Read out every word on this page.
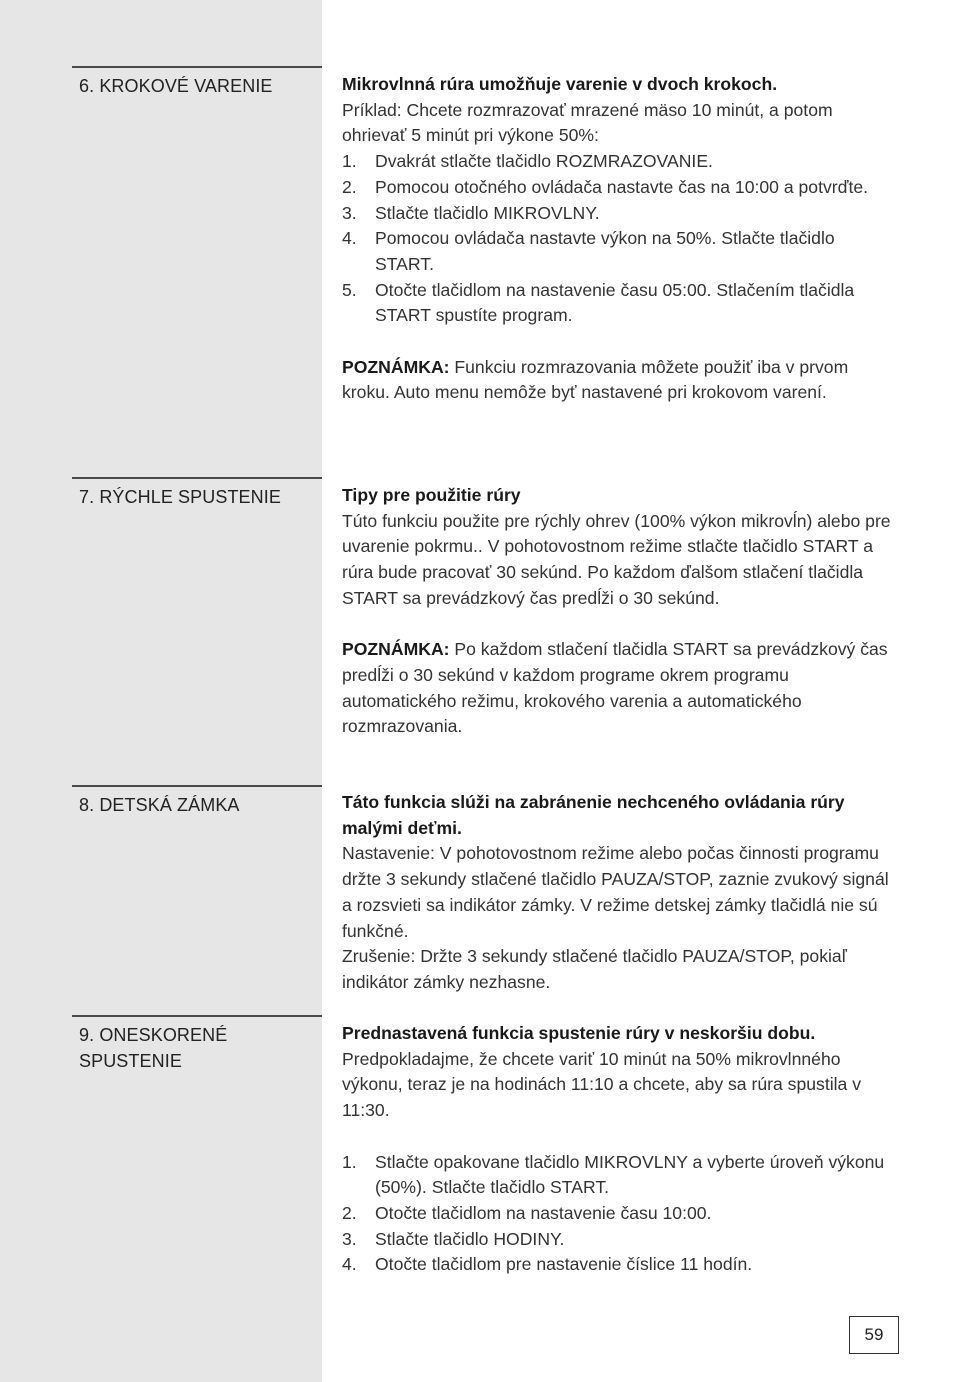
6. KROKOVÉ VARENIE	Mikrovlnná rúra umožňuje varenie v dvoch krokoch.

Príklad: Chcete rozmrazovať mrazené mäso 10 minút, a potom ohrievať 5 minút pri výkone 50%:

1. Dvakrát stlačte tlačidlo ROZMRAZOVANIE.
2. Pomocou otočného ovládača nastavte čas na 10:00 a potvrďte.
3. Stlačte tlačidlo MIKROVLNY.
4. Pomocou ovládača nastavte výkon na 50%. Stlačte tlačidlo START.
5. Otočte tlačidlom na nastavenie času 05:00. Stlačením tlačidla START spustíte program.

POZNÁMKA: Funkciu rozmrazovania môžete použiť iba v prvom kroku. Auto menu nemôže byť nastavené pri krokovom varení.

7. RÝCHLE SPUSTENIE	Tipy pre použitie rúry

Túto funkciu použite pre rýchly ohrev (100% výkon mikrovĺn) alebo pre uvarenie pokrmu.. V pohotovostnom režime stlačte tlačidlo START a rúra bude pracovať 30 sekúnd. Po každom ďalšom stlačení tlačidla START sa prevádzkový čas predĺži o 30 sekúnd.

POZNÁMKA: Po každom stlačení tlačidla START sa prevádzkový čas predĺži o 30 sekúnd v každom programe okrem programu automatického režimu, krokového varenia a automatického rozmrazovania.

8. DETSKÁ ZÁMKA	Táto funkcia slúži na zabránenie nechceného ovládania rúry malými deťmi.

Nastavenie: V pohotovostnom režime alebo počas činnosti programu držte 3 sekundy stlačené tlačidlo PAUZA/STOP, zaznie zvukový signál a rozsvieti sa indikátor zámky. V režime detskej zámky tlačidlá nie sú funkčné.

Zrušenie: Držte 3 sekundy stlačené tlačidlo PAUZA/STOP, pokiaľ indikátor zámky nezhasne.

9. ONESKORENÉ SPUSTENIE

Prednastavená funkcia spustenie rúry v neskoršiu dobu.

Predpokladajme, že chcete variť 10 minút na 50% mikrovlnného výkonu, teraz je na hodinách 11:10 a chcete, aby sa rúra spustila v 11:30.

1. Stlačte opakovane tlačidlo MIKROVLNY a vyberte úroveň výkonu (50%). Stlačte tlačidlo START.
2. Otočte tlačidlom na nastavenie času 10:00.
3. Stlačte tlačidlo HODINY.
4. Otočte tlačidlom pre nastavenie číslice 11 hodín.
59
